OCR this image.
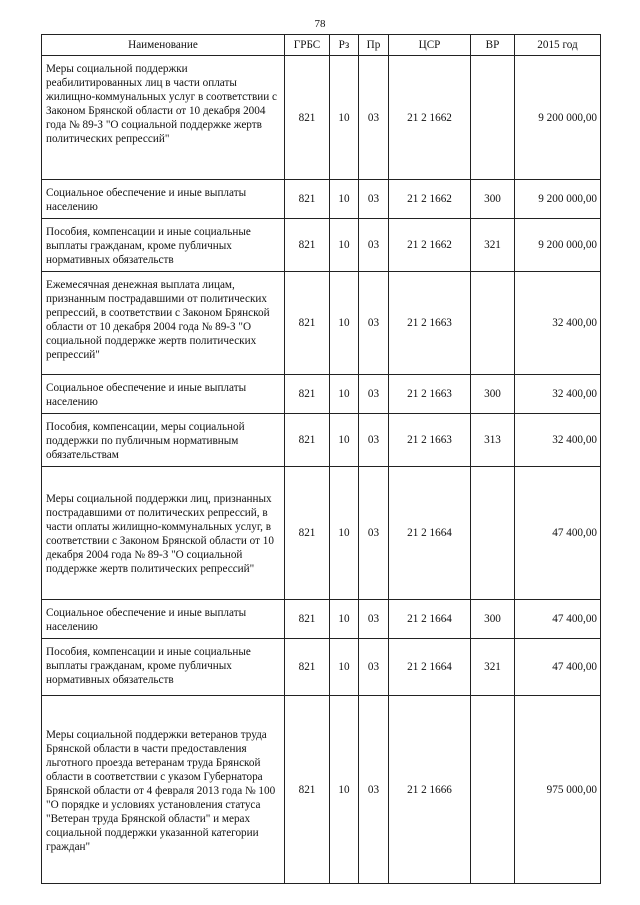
78
Наименование	ГРБС	Рз	Пр	ЦСР	ВР	2015 год
Меры социальной поддержки реабилитированных лиц в части оплаты жилищно-коммунальных услуг в соответствии с Законом Брянской области от 10 декабря 2004 года № 89-З "О социальной поддержке жертв политических репрессий"	821	10	03	21 2 1662		9 200 000,00
Социальное обеспечение и иные выплаты населению	821	10	03	21 2 1662	300	9 200 000,00
Пособия, компенсации и иные социальные выплаты гражданам, кроме публичных нормативных обязательств	821	10	03	21 2 1662	321	9 200 000,00
Ежемесячная денежная выплата лицам, признанным пострадавшими от политических репрессий, в соответствии с Законом Брянской области от 10 декабря 2004 года № 89-З "О социальной поддержке жертв политических репрессий"	821	10	03	21 2 1663		32 400,00
Социальное обеспечение и иные выплаты населению	821	10	03	21 2 1663	300	32 400,00
Пособия, компенсации, меры социальной поддержки по публичным нормативным обязательствам	821	10	03	21 2 1663	313	32 400,00
Меры социальной поддержки лиц, признанных пострадавшими от политических репрессий, в части оплаты жилищно-коммунальных услуг, в соответствии с Законом Брянской области от 10 декабря 2004 года № 89-З "О социальной поддержке жертв политических репрессий"	821	10	03	21 2 1664		47 400,00
Социальное обеспечение и иные выплаты населению	821	10	03	21 2 1664	300	47 400,00
Пособия, компенсации и иные социальные выплаты гражданам, кроме публичных нормативных обязательств	821	10	03	21 2 1664	321	47 400,00
Меры социальной поддержки ветеранов труда Брянской области в части предоставления льготного проезда ветеранам труда Брянской области в соответствии с указом Губернатора Брянской области от 4 февраля 2013 года № 100 "О порядке и условиях установления статуса "Ветеран труда Брянской области" и мерах социальной поддержки указанной категории граждан"	821	10	03	21 2 1666		975 000,00
